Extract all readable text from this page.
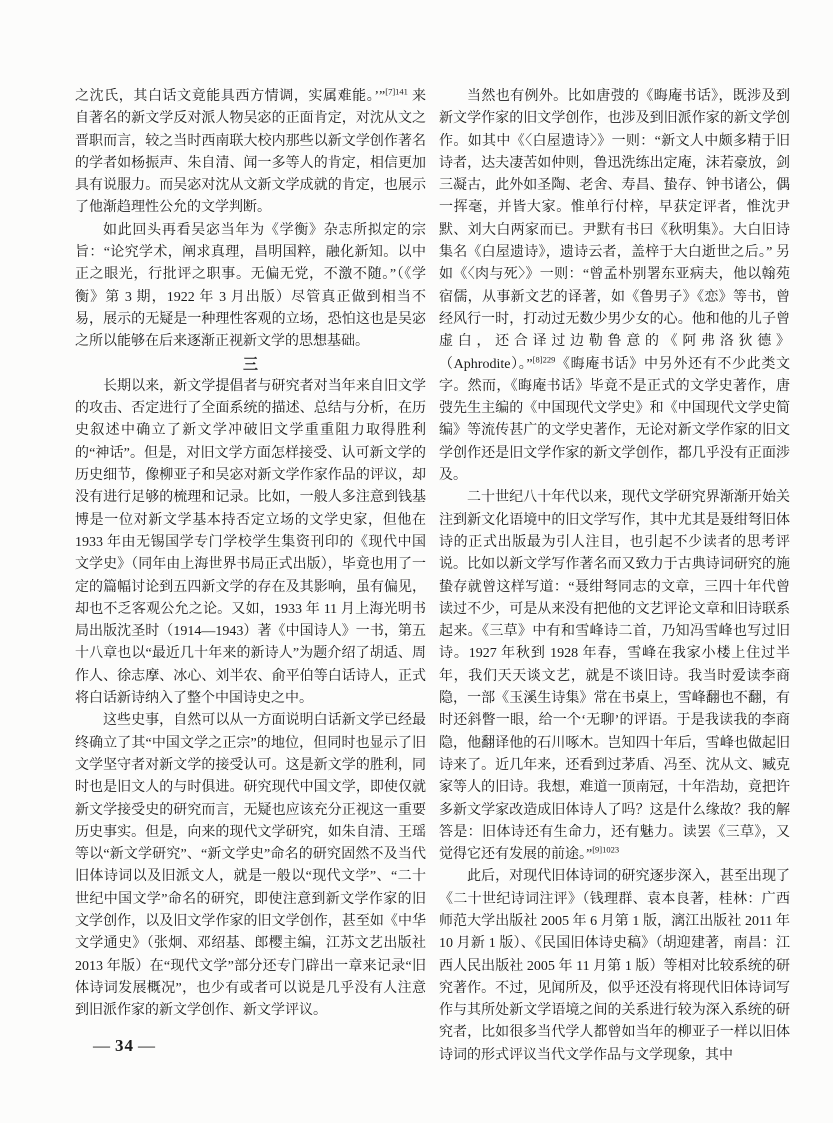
之沈氏，其白话文竟能具西方情调，实属难能。’”$^{[7]141}$ 来自著名的新文学反对派人物吴宓的正面肯定，对沈从文之晋职而言，较之当时西南联大校内那些以新文学创作著名的学者如杨振声、朱自清、闻一多等人的肯定，相信更加具有说服力。而吴宓对沈从文新文学成就的肯定，也展示了他渐趋理性公允的文学判断。

如此回头再看吴宓当年为《学衡》杂志所拟定的宗旨：“论究学术，阐求真理，昌明国粹，融化新知。以中正之眼光，行批评之职事。无偏无党，不激不随。”（《学衡》第 3 期，1922 年 3 月出版）尽管真正做到相当不易，展示的无疑是一种理性客观的立场，恐怕这也是吴宓之所以能够在后来逐渐正视新文学的思想基础。

三

长期以来，新文学提倡者与研究者对当年来自旧文学的攻击、否定进行了全面系统的描述、总结与分析，在历史叙述中确立了新文学冲破旧文学重重阻力取得胜利的“神话”。但是，对旧文学方面怎样接受、认可新文学的历史细节，像柳亚子和吴宓对新文学作家作品的评议，却没有进行足够的梳理和记录。比如，一般人多注意到钱基博是一位对新文学基本持否定立场的文学史家，但他在 1933 年由无锡国学专门学校学生集资刊印的《现代中国文学史》（同年由上海世界书局正式出版），毕竟也用了一定的篇幅讨论到五四新文学的存在及其影响，虽有偏见，却也不乏客观公允之论。又如，1933 年 11 月上海光明书局出版沈圣时（1914—1943）著《中国诗人》一书，第五十八章也以“最近几十年来的新诗人”为题介绍了胡适、周作人、徐志摩、冰心、刘半农、俞平伯等白话诗人，正式将白话新诗纳入了整个中国诗史之中。

这些史事，自然可以从一方面说明白话新文学已经最终确立了其“中国文学之正宗”的地位，但同时也显示了旧文学坚守者对新文学的接受认可。这是新文学的胜利，同时也是旧文人的与时俱进。研究现代中国文学，即使仅就新文学接受史的研究而言，无疑也应该充分正视这一重要历史事实。但是，向来的现代文学研究，如朱自清、王瑶等以“新文学研究”、“新文学史”命名的研究固然不及当代旧体诗词以及旧派文人，就是一般以“现代文学”、“二十世纪中国文学”命名的研究，即使注意到新文学作家的旧文学创作，以及旧文学作家的旧文学创作，甚至如《中华文学通史》（张炯、邓绍基、郎樱主编，江苏文艺出版社 2013 年版）在“现代文学”部分还专门辟出一章来记录“旧体诗词发展概况”，也少有或者可以说是几乎没有人注意到旧派作家的新文学创作、新文学评议。

当然也有例外。比如唐弢的《晦庵书话》，既涉及到新文学作家的旧文学创作，也涉及到旧派作家的新文学创作。如其中《〈白屋遗诗〉》一则：“新文人中颇多精于旧诗者，达夫凄苦如仲则，鲁迅洗练出定庵，沫若豪放，剑三凝古，此外如圣陶、老舍、寿昌、蛰存、钟书诸公，偶一挥毫，并皆大家。惟单行付梓，早获定评者，惟沈尹默、刘大白两家而已。尹默有书曰《秋明集》。大白旧诗集名《白屋遗诗》，遗诗云者，盖梓于大白逝世之后。” 另如《〈肉与死〉》一则：“曾孟朴别署东亚病夫，他以翰苑宿儒，从事新文艺的译著，如《鲁男子》《恋》等书，曾经风行一时，打动过无数少男少女的心。他和他的儿子曾虚白，还合译过边勒鲁意的《阿弗洛狄德》（Aphrodite）。”$^{[8]229}$《晦庵书话》中另外还有不少此类文字。然而，《晦庵书话》毕竟不是正式的文学史著作，唐弢先生主编的《中国现代文学史》和《中国现代文学史简编》等流传甚广的文学史著作，无论对新文学作家的旧文学创作还是旧文学作家的新文学创作，都几乎没有正面涉及。

二十世纪八十年代以来，现代文学研究界渐渐开始关注到新文化语境中的旧文学写作，其中尤其是聂绀弩旧体诗的正式出版最为引人注目，也引起不少读者的思考评说。比如以新文学写作著名而又致力于古典诗词研究的施蛰存就曾这样写道：“聂绀弩同志的文章，三四十年代曾读过不少，可是从来没有把他的文艺评论文章和旧诗联系起来。《三草》中有和雪峰诗二首，乃知冯雪峰也写过旧诗。1927 年秋到 1928 年春，雪峰在我家小楼上住过半年，我们天天谈文艺，就是不谈旧诗。我当时爱读李商隐，一部《玉溪生诗集》常在书桌上，雪峰翻也不翻，有时还斜瞥一眼，给一个‘无聊’的评语。于是我读我的李商隐，他翻译他的石川啄木。岂知四十年后，雪峰也做起旧诗来了。近几年来，还看到过茅盾、冯至、沈从文、臧克家等人的旧诗。我想，难道一顶南冠，十年浩劫，竟把许多新文学家改造成旧体诗人了吗？这是什么缘故？我的解答是：旧体诗还有生命力，还有魅力。读罢《三草》，又觉得它还有发展的前途。”$^{[9]1023}$

此后，对现代旧体诗词的研究逐步深入，甚至出现了《二十世纪诗词注评》（钱理群、袁本良著，桂林：广西师范大学出版社 2005 年 6 月第 1 版，漓江出版社 2011 年 10 月新 1 版）、《民国旧体诗史稿》（胡迎建著，南昌：江西人民出版社 2005 年 11 月第 1 版）等相对比较系统的研究著作。不过，见闻所及，似乎还没有将现代旧体诗词写作与其所处新文学语境之间的关系进行较为深入系统的研究者，比如很多当代学人都曾如当年的柳亚子一样以旧体诗词的形式评议当代文学作品与文学现象，其中

— 34 —
